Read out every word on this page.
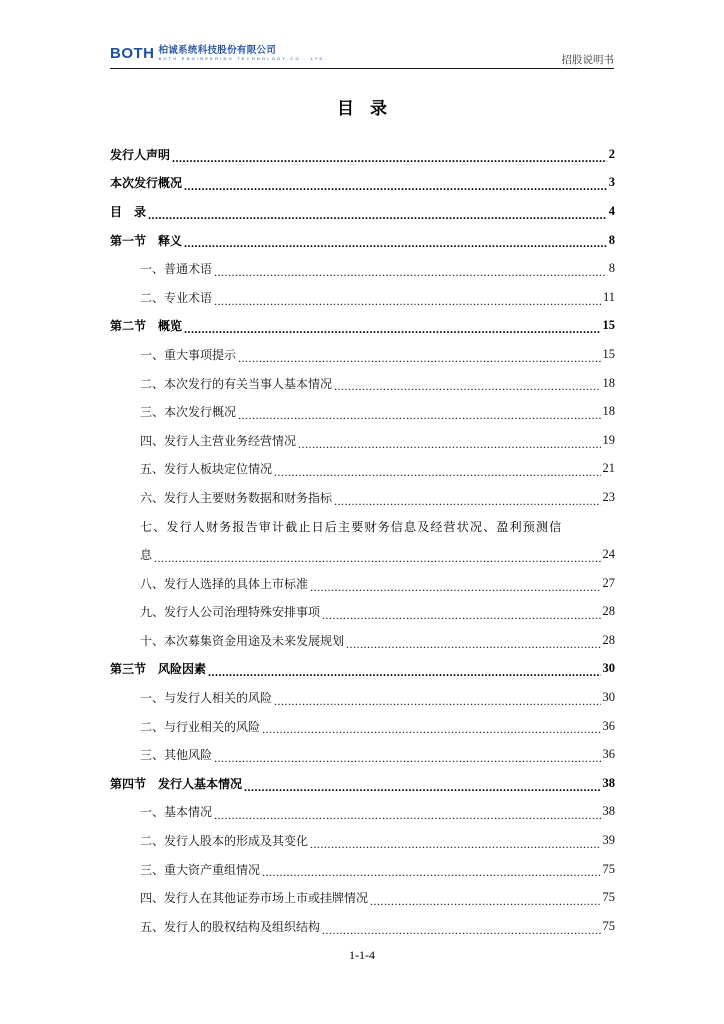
BOTH 柏诚系统科技股份有限公司
BOTH ENGINEERING TECHNOLOGY CO., LTD.	招股说明书
目录
发行人声明 .....	2
本次发行概况 .....	3
目　录 .....	4
第一节　释义 .....	8
一、普通术语 .....	8
二、专业术语 .....	11
第二节　概览 .....	15
一、重大事项提示 .....	15
二、本次发行的有关当事人基本情况 .....	18
三、本次发行概况 .....	18
四、发行人主营业务经营情况 .....	19
五、发行人板块定位情况 .....	21
六、发行人主要财务数据和财务指标 .....	23
七、发行人财务报告审计截止日后主要财务信息及经营状况、盈利预测信
息 .....	24
八、发行人选择的具体上市标准 .....	27
九、发行人公司治理特殊安排事项 .....	28
十、本次募集资金用途及未来发展规划 .....	28
第三节　风险因素 .....	30
一、与发行人相关的风险 .....	30
二、与行业相关的风险 .....	36
三、其他风险 .....	36
第四节　发行人基本情况 .....	38
一、基本情况 .....	38
二、发行人股本的形成及其变化 .....	39
三、重大资产重组情况 .....	75
四、发行人在其他证券市场上市或挂牌情况 .....	75
五、发行人的股权结构及组织结构 .....	75
1-1-4
